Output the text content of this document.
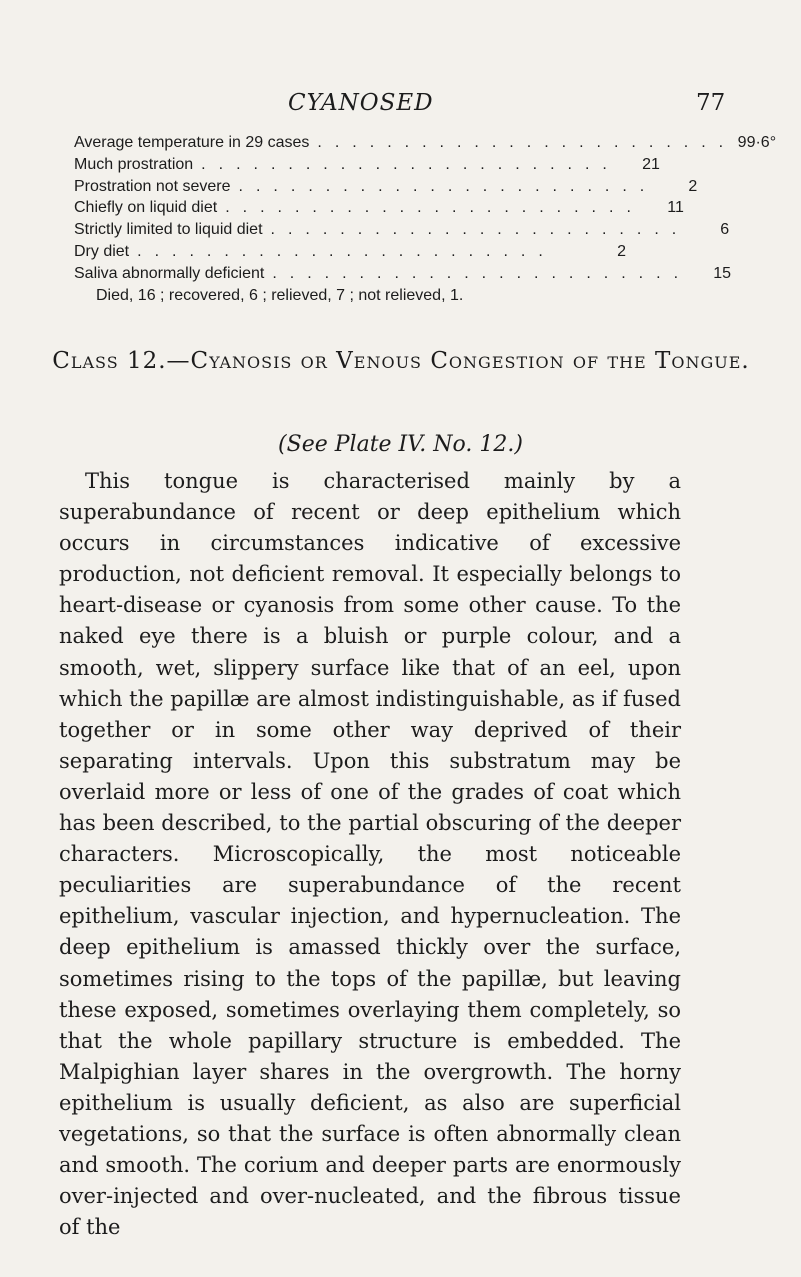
CYANOSED	77
Average temperature in 29 cases ........................ 99·6°
Much prostration ........................	21
Prostration not severe ........................	2
Chiefly on liquid diet ........................	11
Strictly limited to liquid diet ........................	6
Dry diet ........................	2
Saliva abnormally deficient ........................	15
Died, 16 ; recovered, 6 ; relieved, 7 ; not relieved, 1.
Class 12.—Cyanosis or Venous Congestion of the Tongue.
(See Plate IV. No. 12.)

This tongue is characterised mainly by a superabundance of recent or deep epithelium which occurs in circumstances indicative of excessive production, not deficient removal. It especially belongs to heart-disease or cyanosis from some other cause. To the naked eye there is a bluish or purple colour, and a smooth, wet, slippery surface like that of an eel, upon which the papillæ are almost indistinguishable, as if fused together or in some other way deprived of their separating intervals. Upon this substratum may be overlaid more or less of one of the grades of coat which has been described, to the partial obscuring of the deeper characters. Microscopically, the most noticeable peculiarities are superabundance of the recent epithelium, vascular injection, and hypernucleation. The deep epithelium is amassed thickly over the surface, sometimes rising to the tops of the papillæ, but leaving these exposed, sometimes overlaying them completely, so that the whole papillary structure is embedded. The Malpighian layer shares in the overgrowth. The horny epithelium is usually deficient, as also are superficial vegetations, so that the surface is often abnormally clean and smooth. The corium and deeper parts are enormously over-injected and over-nucleated, and the fibrous tissue of the
